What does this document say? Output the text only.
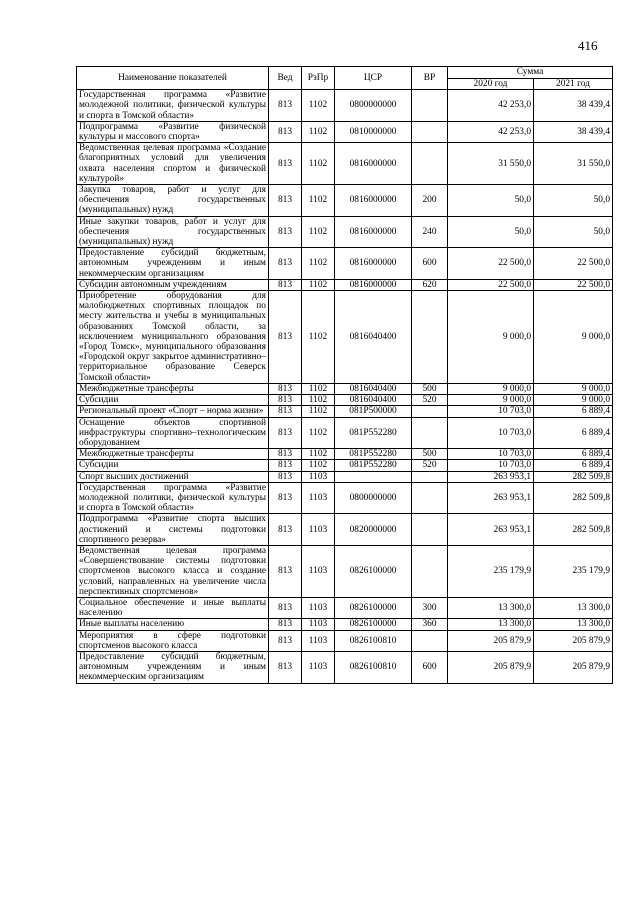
416
Наименование показателей	Вед	РзПр	ЦСР	ВР	Сумма	
					2020 год	2021 год
Государственная программа «Развитие молодежной политики, физической культуры и спорта в Томской области»	813	1102	0800000000		42 253,0	38 439,4
Подпрограмма «Развитие физической культуры и массового спорта»	813	1102	0810000000		42 253,0	38 439,4
Ведомственная целевая программа «Создание благоприятных условий для увеличения охвата населения спортом и физической культурой»	813	1102	0816000000		31 550,0	31 550,0
Закупка товаров, работ и услуг для обеспечения государственных (муниципальных) нужд	813	1102	0816000000	200	50,0	50,0
Иные закупки товаров, работ и услуг для обеспечения государственных (муниципальных) нужд	813	1102	0816000000	240	50,0	50,0
Предоставление субсидий бюджетным, автономным учреждениям и иным некоммерческим организациям	813	1102	0816000000	600	22 500,0	22 500,0
Субсидии автономным учреждениям	813	1102	0816000000	620	22 500,0	22 500,0
Приобретение оборудования для малобюджетных спортивных площадок по месту жительства и учебы в муниципальных образованиях Томской области, за исключением муниципального образования «Город Томск», муниципального образования «Городской округ закрытое административно–территориальное образование Северск Томской области»	813	1102	0816040400		9 000,0	9 000,0
Межбюджетные трансферты	813	1102	0816040400	500	9 000,0	9 000,0
Субсидии	813	1102	0816040400	520	9 000,0	9 000,0
Региональный проект «Спорт – норма жизни»	813	1102	081P500000		10 703,0	6 889,4
Оснащение объектов спортивной инфраструктуры спортивно–технологическим оборудованием	813	1102	081P552280		10 703,0	6 889,4
Межбюджетные трансферты	813	1102	081P552280	500	10 703,0	6 889,4
Субсидии	813	1102	081P552280	520	10 703,0	6 889,4
Спорт высших достижений	813	1103			263 953,1	282 509,8
Государственная программа «Развитие молодежной политики, физической культуры и спорта в Томской области»	813	1103	0800000000		263 953,1	282 509,8
Подпрограмма «Развитие спорта высших достижений и системы подготовки спортивного резерва»	813	1103	0820000000		263 953,1	282 509,8
Ведомственная целевая программа «Совершенствование системы подготовки спортсменов высокого класса и создание условий, направленных на увеличение числа перспективных спортсменов»	813	1103	0826100000		235 179,9	235 179,9
Социальное обеспечение и иные выплаты населению	813	1103	0826100000	300	13 300,0	13 300,0
Иные выплаты населению	813	1103	0826100000	360	13 300,0	13 300,0
Мероприятия в сфере подготовки спортсменов высокого класса	813	1103	0826100810		205 879,9	205 879,9
Предоставление субсидий бюджетным, автономным учреждениям и иным некоммерческим организациям	813	1103	0826100810	600	205 879,9	205 879,9
